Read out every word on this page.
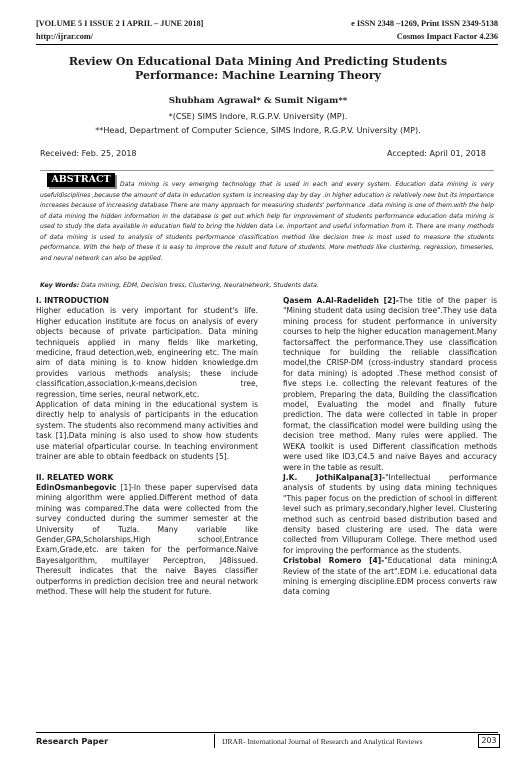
[VOLUME 5 I ISSUE 2 I APRIL – JUNE 2018]	e ISSN 2348 –1269, Print ISSN 2349-5138
http://ijrar.com/	Cosmos Impact Factor 4.236
Review On Educational Data Mining And Predicting Students Performance: Machine Learning Theory
Shubham Agrawal* & Sumit Nigam**
*(CSE) SIMS Indore, R.G.P.V. University (MP).
**Head, Department of Computer Science, SIMS Indore, R.G.P.V. University (MP).
Received: Feb. 25, 2018	Accepted: April 01, 2018
Data mining is very emerging technology that is used in each and every system. Education data mining is very usefuldisciplines ,because the amount of data in education system is increasing day by day .in higher education is relatively new but its importance increases because of increasing database There are many approach for measuring students' performance .data mining is one of them.with the help of data mining the hidden information in the database is get out which help for improvement of students performance education data mining is used to study the data available in education field to bring the hidden data i.e. important and useful information from it. There are many methods of data mining is used to analysis of students performance classification method like decision tree is most used to measure the students performance. With the help of these it is easy to improve the result and future of students. More methods like clustering, regression, timeseries, and neural network can also be applied.
ABSTRACT
Key Words: Data mining, EDM, Decision tress, Clustering, Neuralnetwork, Students data.

I. INTRODUCTION

Higher education is very important for student's life. Higher education institute are focus on analysis of every objects because of private participation. Data mining techniqueis applied in many fields like marketing, medicine, fraud detection,web, engineering etc. The main aim of data mining is to know hidden knowledge.dm provides various methods analysis; these include classification,association,k-means,decision tree, regression, time series, neural network,etc.

Application of data mining in the educational system is directly help to analysis of participants in the education system. The students also recommend many activities and task [1].Data mining is also used to show how students use material ofparticular course. In teaching environment trainer are able to obtain feedback on students [5].

II. RELATED WORK

EdinOsmanbegovic [1]-In these paper supervised data mining algorithm were applied.Different method of data mining was compared.The data were collected from the survey conducted during the summer semester at the University of Tuzla. Many variable like Gender,GPA,Scholarships,High school,Entrance Exam,Grade,etc. are taken for the performance.Naive Bayesalgorithm, multilayer Perceptron, J48issued. Theresult indicates that the naive Bayes classifier outperforms in prediction decision tree and neural network method. These will help the student for future.

Qasem A.Al-Radelideh [2]-The title of the paper is "Mining student data using decision tree".They use data mining process for student performance in university courses to help the higher education management.Many factorsaffect the performance.They use classification technique for building the reliable classification model,the CRISP-DM (cross-industry standard process for data mining) is adopted .These method consist of five steps i.e. collecting the relevant features of the problem, Preparing the data, Building the classification model, Evaluating the model and finally future prediction. The data were collected in table in proper format, the classification model were building using the decision tree method. Many rules were applied. The WEKA toolkit is used Different classification methods were used like ID3,C4.5 and naive Bayes and accuracy were in the table as result.

J.K. JothiKalpana[3]-"Intellectual performance analysis of students by using data mining techniques "This paper focus on the prediction of school in different level such as primary,secondary,higher level. Clustering method such as centroid based distribution based and density based clustering are used. The data were collected from Villupuram College. There method used for improving the performance as the students.

Cristobal Romero [4]-"Educational data mining;A Review of the state of the art".EDM i.e. educational data mining is emerging discipline.EDM process converts raw data coming

Research Paper	IJRAR- International Journal of Research and Analytical Reviews	203
